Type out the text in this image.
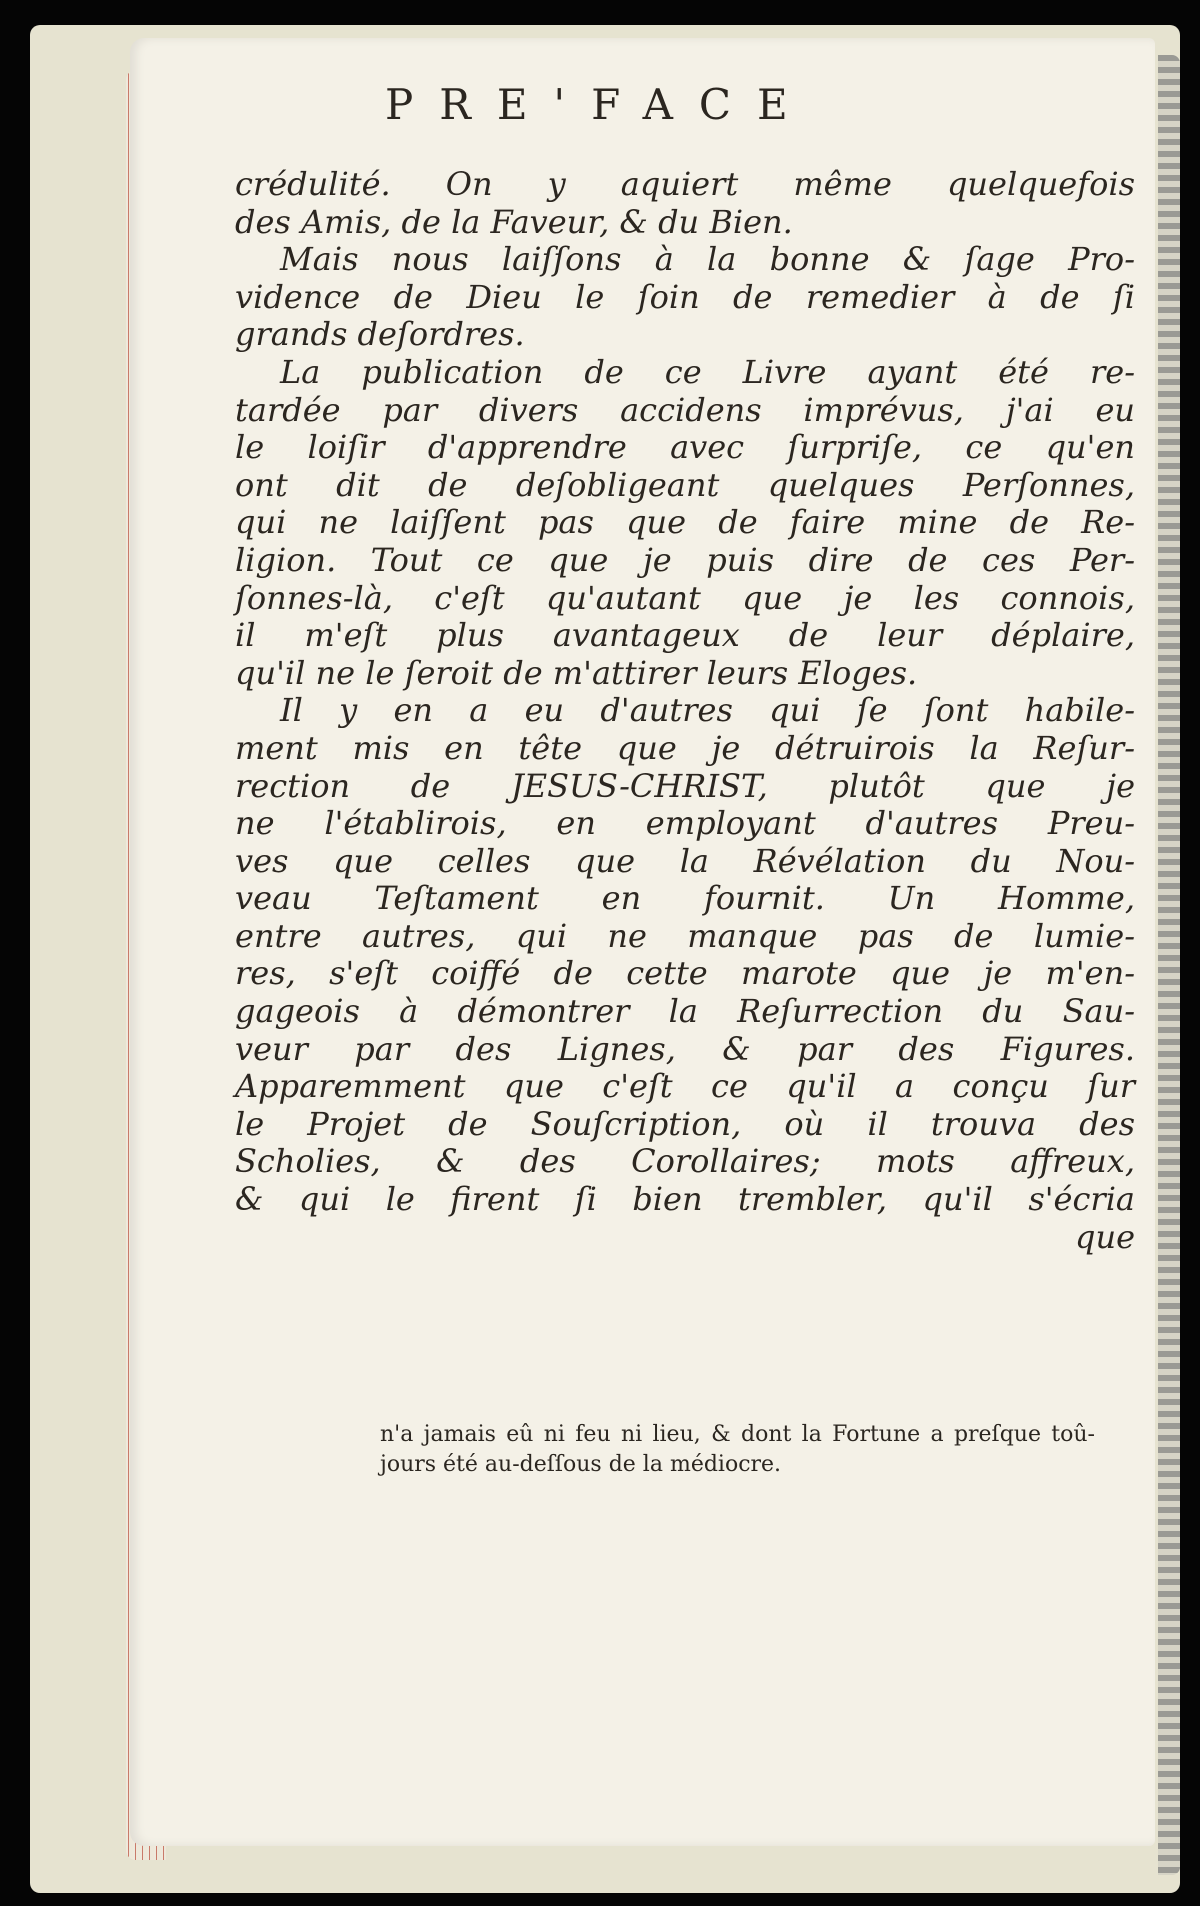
PRE'FACE
crédulité. On y aquiert même quelquefois
des Amis, de la Faveur, & du Bien.
Mais nous laiſſons à la bonne & ſage Pro-
vidence de Dieu le ſoin de remedier à de ſi
grands deſordres.
La publication de ce Livre ayant été re-
tardée par divers accidens imprévus, j'ai eu
le loiſir d'apprendre avec ſurpriſe, ce qu'en
ont dit de deſobligeant quelques Perſonnes,
qui ne laiſſent pas que de faire mine de Re-
ligion. Tout ce que je puis dire de ces Per-
ſonnes-là, c'eſt qu'autant que je les connois,
il m'eſt plus avantageux de leur déplaire,
qu'il ne le ſeroit de m'attirer leurs Eloges.
Il y en a eu d'autres qui ſe ſont habile-
ment mis en tête que je détruirois la Reſur-
rection de JESUS-CHRIST, plutôt que je
ne l'établirois, en employant d'autres Preu-
ves que celles que la Révélation du Nou-
veau Teſtament en fournit. Un Homme,
entre autres, qui ne manque pas de lumie-
res, s'eſt coiffé de cette marote que je m'en-
gageois à démontrer la Reſurrection du Sau-
veur par des Lignes, & par des Figures.
Apparemment que c'eſt ce qu'il a conçu ſur
le Projet de Souſcription, où il trouva des
Scholies, & des Corollaires; mots affreux,
& qui le firent ſi bien trembler, qu'il s'écria
que
n'a jamais eû ni feu ni lieu, & dont la Fortune a preſque toû-
jours été au-deſſous de la médiocre.
